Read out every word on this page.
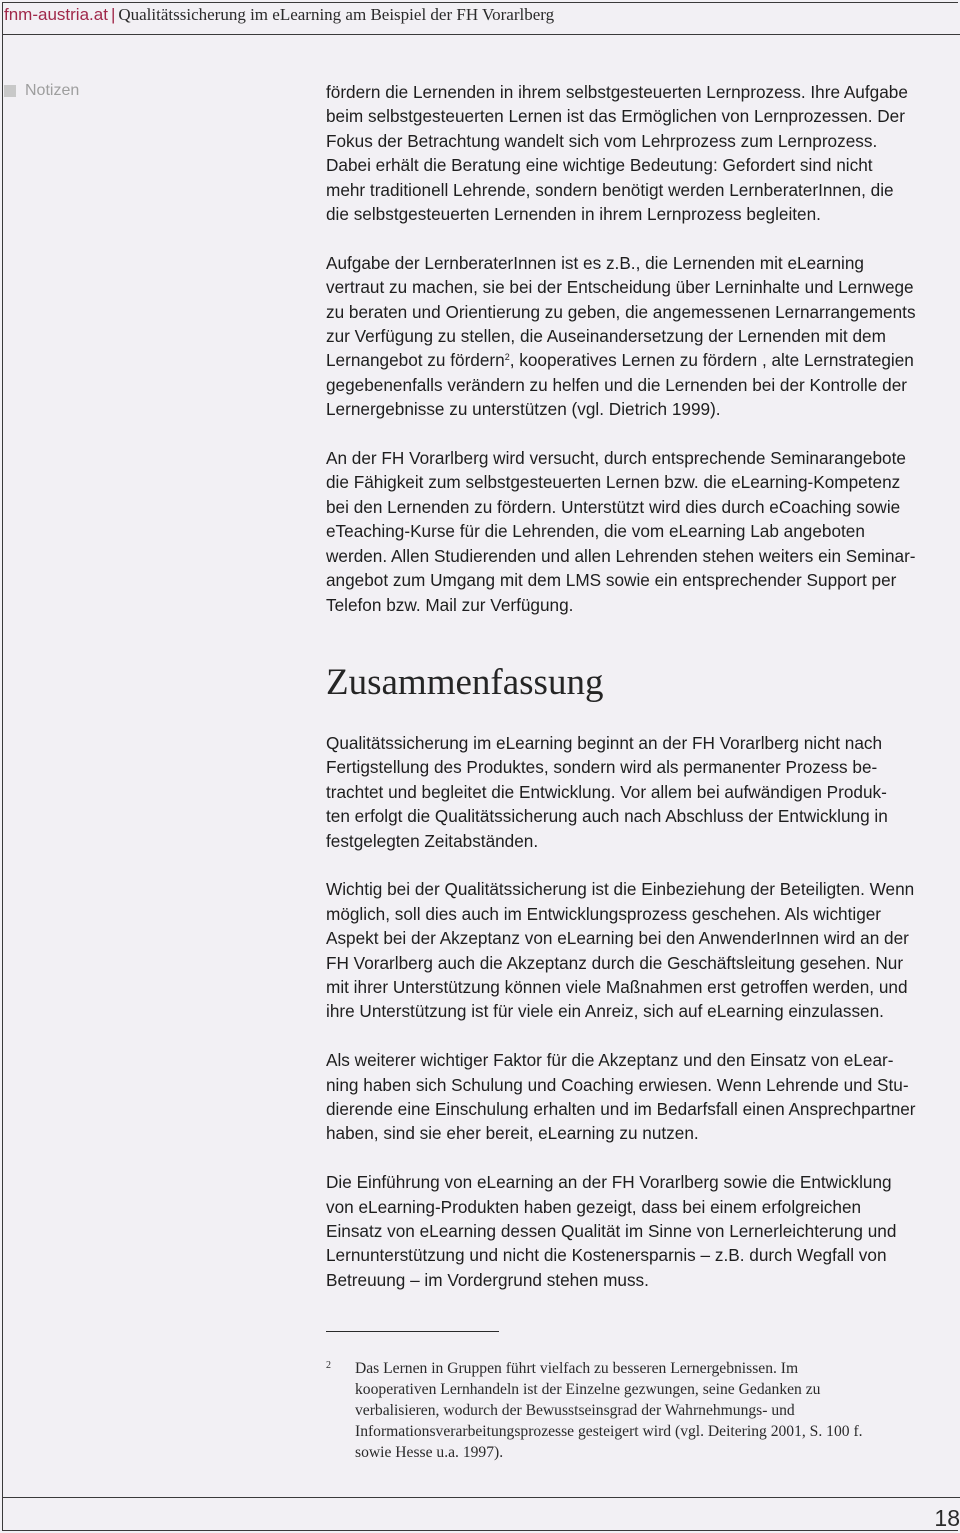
fnm-austria.at | Qualitätssicherung im eLearning am Beispiel der FH Vorarlberg
Notizen	fördern die Lernenden in ihrem selbstgesteuerten Lernprozess. Ihre Aufgabe
beim selbstgesteuerten Lernen ist das Ermöglichen von Lernprozessen. Der
Fokus der Betrachtung wandelt sich vom Lehrprozess zum Lernprozess.
Dabei erhält die Beratung eine wichtige Bedeutung: Gefordert sind nicht
mehr traditionell Lehrende, sondern benötigt werden LernberaterInnen, die
die selbstgesteuerten Lernenden in ihrem Lernprozess begleiten.

Aufgabe der LernberaterInnen ist es z.B., die Lernenden mit eLearning
vertraut zu machen, sie bei der Entscheidung über Lerninhalte und Lernwege
zu beraten und Orientierung zu geben, die angemessenen Lernarrangements
zur Verfügung zu stellen, die Auseinandersetzung der Lernenden mit dem
Lernangebot zu fördern$^2$, kooperatives Lernen zu fördern , alte Lernstrategien
gegebenenfalls verändern zu helfen und die Lernenden bei der Kontrolle der
Lernergebnisse zu unterstützen (vgl. Dietrich 1999).

An der FH Vorarlberg wird versucht, durch entsprechende Seminarangebote
die Fähigkeit zum selbstgesteuerten Lernen bzw. die eLearning-Kompetenz
bei den Lernenden zu fördern. Unterstützt wird dies durch eCoaching sowie
eTeaching-Kurse für die Lehrenden, die vom eLearning Lab angeboten
werden. Allen Studierenden und allen Lehrenden stehen weiters ein Seminar-
angebot zum Umgang mit dem LMS sowie ein entsprechender Support per
Telefon bzw. Mail zur Verfügung.

Zusammenfassung

Qualitätssicherung im eLearning beginnt an der FH Vorarlberg nicht nach
Fertigstellung des Produktes, sondern wird als permanenter Prozess be-
trachtet und begleitet die Entwicklung. Vor allem bei aufwändigen Produk-
ten erfolgt die Qualitätssicherung auch nach Abschluss der Entwicklung in
festgelegten Zeitabständen.

Wichtig bei der Qualitätssicherung ist die Einbeziehung der Beteiligten. Wenn
möglich, soll dies auch im Entwicklungsprozess geschehen. Als wichtiger
Aspekt bei der Akzeptanz von eLearning bei den AnwenderInnen wird an der
FH Vorarlberg auch die Akzeptanz durch die Geschäftsleitung gesehen. Nur
mit ihrer Unterstützung können viele Maßnahmen erst getroffen werden, und
ihre Unterstützung ist für viele ein Anreiz, sich auf eLearning einzulassen.

Als weiterer wichtiger Faktor für die Akzeptanz und den Einsatz von eLear-
ning haben sich Schulung und Coaching erwiesen. Wenn Lehrende und Stu-
dierende eine Einschulung erhalten und im Bedarfsfall einen Ansprechpartner
haben, sind sie eher bereit, eLearning zu nutzen.

Die Einführung von eLearning an der FH Vorarlberg sowie die Entwicklung
von eLearning-Produkten haben gezeigt, dass bei einem erfolgreichen
Einsatz von eLearning dessen Qualität im Sinne von Lernerleichterung und
Lernunterstützung und nicht die Kostenersparnis – z.B. durch Wegfall von
Betreuung – im Vordergrund stehen muss.

2 Das Lernen in Gruppen führt vielfach zu besseren Lernergebnissen. Im
kooperativen Lernhandeln ist der Einzelne gezwungen, seine Gedanken zu
verbalisieren, wodurch der Bewusstseinsgrad der Wahrnehmungs- und
Informationsverarbeitungsprozesse gesteigert wird (vgl. Deitering 2001, S. 100 f.
sowie Hesse u.a. 1997).
18
